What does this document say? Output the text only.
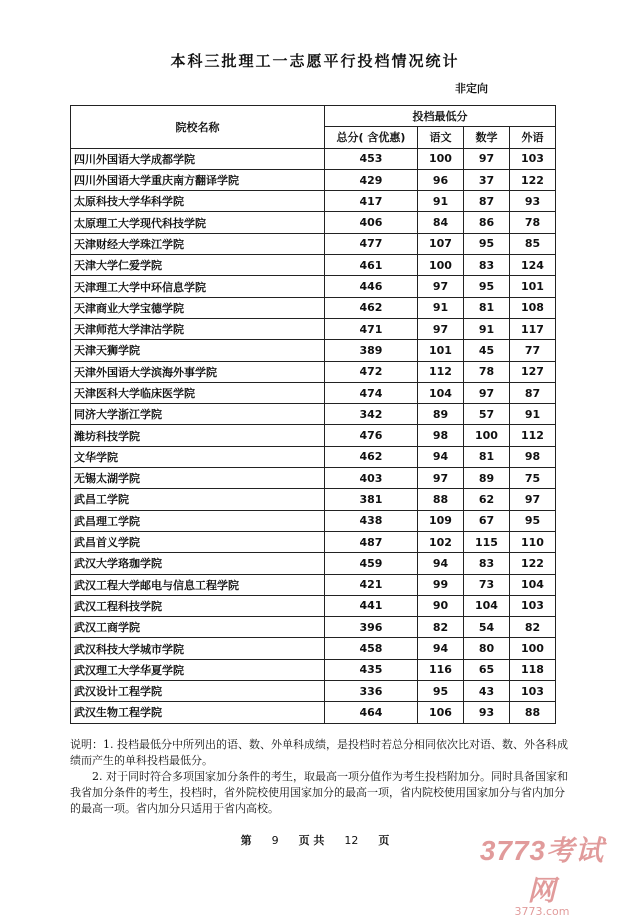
本科三批理工一志愿平行投档情况统计
非定向
院校名称	投档最低分			
	总分( 含优惠)	语文	数学	外语
四川外国语大学成都学院	453	100	97	103
四川外国语大学重庆南方翻译学院	429	96	37	122
太原科技大学华科学院	417	91	87	93
太原理工大学现代科技学院	406	84	86	78
天津财经大学珠江学院	477	107	95	85
天津大学仁爱学院	461	100	83	124
天津理工大学中环信息学院	446	97	95	101
天津商业大学宝德学院	462	91	81	108
天津师范大学津沽学院	471	97	91	117
天津天狮学院	389	101	45	77
天津外国语大学滨海外事学院	472	112	78	127
天津医科大学临床医学院	474	104	97	87
同济大学浙江学院	342	89	57	91
潍坊科技学院	476	98	100	112
文华学院	462	94	81	98
无锡太湖学院	403	97	89	75
武昌工学院	381	88	62	97
武昌理工学院	438	109	67	95
武昌首义学院	487	102	115	110
武汉大学珞珈学院	459	94	83	122
武汉工程大学邮电与信息工程学院	421	99	73	104
武汉工程科技学院	441	90	104	103
武汉工商学院	396	82	54	82
武汉科技大学城市学院	458	94	80	100
武汉理工大学华夏学院	435	116	65	118
武汉设计工程学院	336	95	43	103
武汉生物工程学院	464	106	93	88

说明：1. 投档最低分中所列出的语、数、外单科成绩，是投档时若总分相同依次比对语、数、外各科成绩而产生的单科投档最低分。

2. 对于同时符合多项国家加分条件的考生，取最高一项分值作为考生投档附加分。同时具备国家和我省加分条件的考生，投档时，省外院校使用国家加分的最高一项，省内院校使用国家加分与省内加分的最高一项。省内加分只适用于省内高校。

第 9 页 共 12 页	3773考试网
3773.com
